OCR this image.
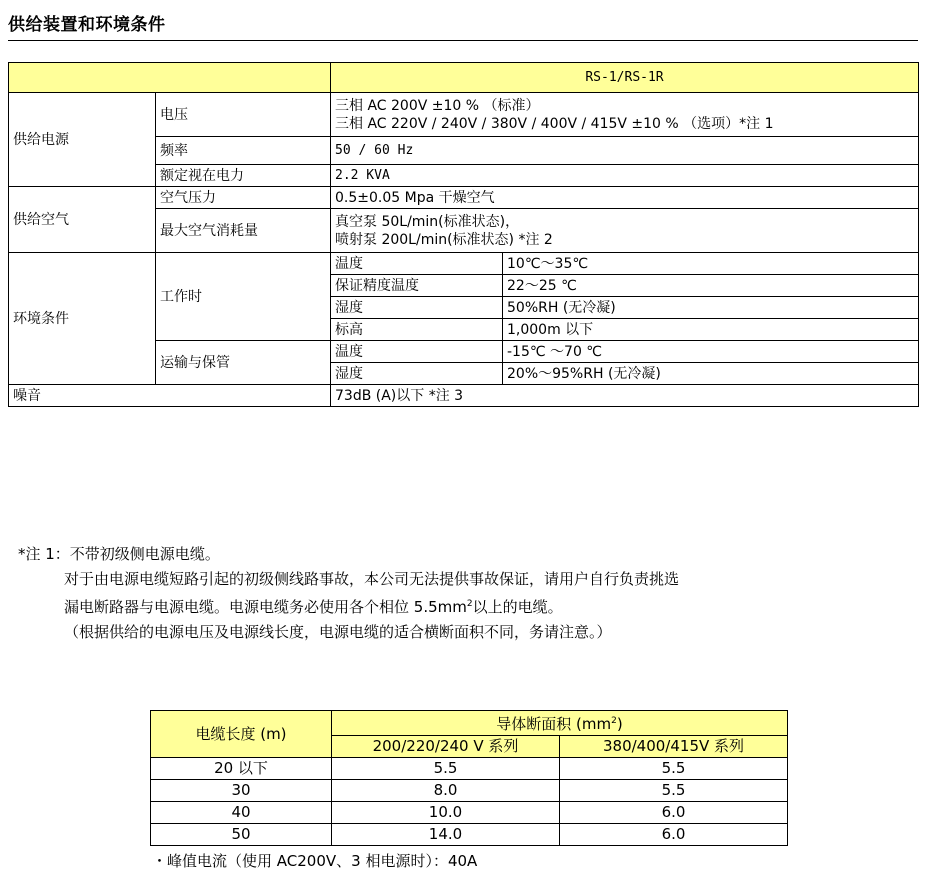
供给装置和环境条件
		RS-1/RS-1R	
供给电源	电压	三相 AC 200V ±10 % （标准）
三相 AC 220V / 240V / 380V / 400V / 415V ±10 % （选项）*注 1	

	频率	50 / 60 Hz	
	额定视在电力	2.2 KVA	
供给空气	空气压力	0.5±0.05 Mpa 干燥空气	
	最大空气消耗量	真空泵 50L/min(标准状态)，
喷射泵 200L/min(标准状态) *注 2	

环境条件	工作时	温度	10℃～35℃
		保证精度温度	22～25 ℃
		湿度	50%RH (无冷凝)
		标高	1,000m 以下
	运输与保管	温度	-15℃ ～70 ℃
		湿度	20%～95%RH (无冷凝)
噪音		73dB (A)以下 *注 3	
*注 1：不带初级侧电源电缆。
对于由电源电缆短路引起的初级侧线路事故，本公司无法提供事故保证，请用户自行负责挑选
漏电断路器与电源电缆。电源电缆务必使用各个相位 $5.5mm^2$以上的电缆。
（根据供给的电源电压及电源线长度，电源电缆的适合横断面积不同，务请注意。）
电缆长度 (m)	导体断面积 $(mm^2)$	
	200/220/240 V 系列	380/400/415V 系列
20 以下	5.5	5.5
30	8.0	5.5
40	10.0	6.0
50	14.0	6.0
・峰值电流（使用 AC200V、3 相电源时）：40A
